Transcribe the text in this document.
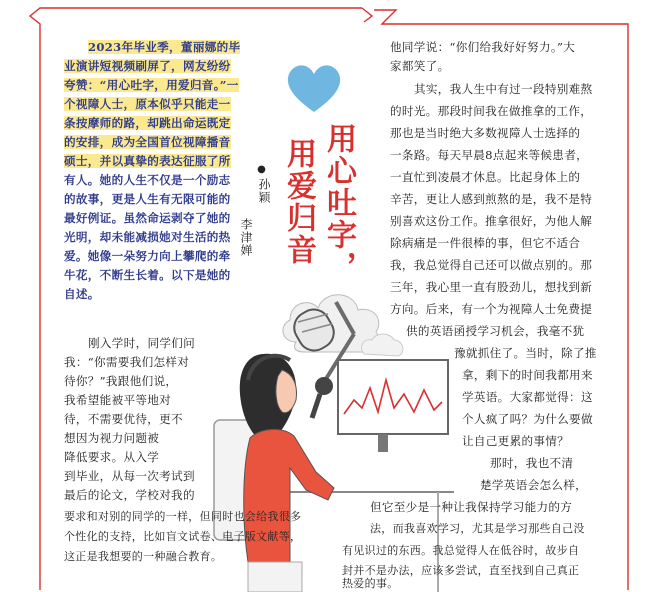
用心吐字，
用爱归音
●
孙颖
李津婵
2023年毕业季，董丽娜的毕
业演讲短视频刷屏了，网友纷纷
夸赞：“用心吐字，用爱归音。”一
个视障人士，原本似乎只能走一
条按摩师的路，却跳出命运既定
的安排，成为全国首位视障播音
硕士，并以真挚的表达征服了所
有人。她的人生不仅是一个励志
的故事，更是人生有无限可能的
最好例证。虽然命运剥夺了她的
光明，却未能减损她对生活的热
爱。她像一朵努力向上攀爬的牵
牛花，不断生长着。以下是她的
自述。
刚入学时，同学们问
我：“你需要我们怎样对
待你？”我跟他们说，
我希望能被平等地对
待，不需要优待，更不
想因为视力问题被
降低要求。从入学
到毕业，从每一次考试到
最后的论文，学校对我的
要求和对别的同学的一样，但同时也会给我很多
个性化的支持，比如盲文试卷、电子版文献等，
这正是我想要的一种融合教育。
他同学说：“你们给我好好努力。”大
家都笑了。
其实，我人生中有过一段特别难熬
的时光。那段时间我在做推拿的工作，
那也是当时绝大多数视障人士选择的
一条路。每天早晨8点起来等候患者，
一直忙到凌晨才休息。比起身体上的
辛苦，更让人感到煎熬的是，我不是特
别喜欢这份工作。推拿很好，为他人解
除病痛是一件很棒的事，但它不适合
我，我总觉得自己还可以做点别的。那
三年，我心里一直有股劲儿，想找到新
方向。后来，有一个为视障人士免费提
供的英语函授学习机会，我毫不犹
豫就抓住了。当时，除了推
拿，剩下的时间我都用来
学英语。大家都觉得：这
个人疯了吗？为什么要做
让自己更累的事情？
那时，我也不清
楚学英语会怎么样，
但它至少是一种让我保持学习能力的方
法，而我喜欢学习，尤其是学习那些自己没
有见识过的东西。我总觉得人在低谷时，故步自
封并不是办法，应该多尝试，直至找到自己真正
热爱的事。
